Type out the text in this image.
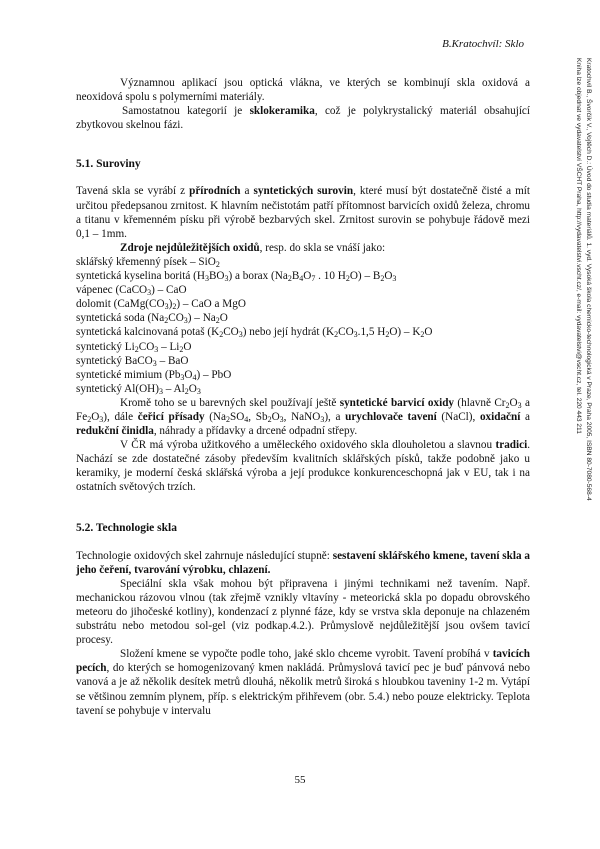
B.Kratochvíl: Sklo
Kratochvíl B., Švorčík V., Vojtěch D.: Úvod do studia materiálů. 1. vyd. Vysoká škola chemicko-technologická v Praze, Praha 2005, ISBN 80-7080-568-4
Kniha lze objednat ve vydavatelství VŠCHT Praha, http://vydavatelstvi.vscht.cz/, e-mail: vydavatelstvi@vscht.cz, tel. 220 443 211

Významnou aplikací jsou optická vlákna, ve kterých se kombinují skla oxidová a neoxidová spolu s polymerními materiály.

Samostatnou kategorií je sklokeramika, což je polykrystalický materiál obsahující zbytkovou skelnou fázi.

5.1. Suroviny

Tavená skla se vyrábí z přírodních a syntetických surovin, které musí být dostatečně čisté a mít určitou předepsanou zrnitost. K hlavním nečistotám patří přítomnost barvicích oxidů železa, chromu a titanu v křemenném písku při výrobě bezbarvých skel. Zrnitost surovin se pohybuje řádově mezi 0,1 – 1mm.

Zdroje nejdůležitějších oxidů, resp. do skla se vnáší jako:

sklářský křemenný písek – SiO$_2$
syntetická kyselina boritá $(H_3BO_3)$ a borax ($Na_2B_4O_7$ . 10 $H_2O) - B_2O_3$
vápenec (CaCO$_3$) – CaO
dolomit $(CaMg(CO_3)_2)$ – CaO a MgO
syntetická soda $(Na_2CO_3) - Na_2O$
syntetická kalcinovaná potaš $(K_2CO_3)$ nebo její hydrát ($K_2CO_3.1,5$ $H_2O) - K_2O$
syntetický $Li_2CO_3 - Li_2O$
syntetický BaCO$_3$ – BaO
syntetické mimium $(Pb_3O_4)$ – PbO
syntetický $Al(OH)_3 - Al_2O_3$

Kromě toho se u barevných skel používají ještě syntetické barvicí oxidy (hlavně $Cr_2O_3$ a $Fe_2O_3$), dále čeřicí přísady ($Na_2SO_4$, $Sb_2O_3$, NaNO$_3$), a urychlovače tavení (NaCl), oxidační a redukční činidla, náhrady a přídavky a drcené odpadní střepy.

V ČR má výroba užitkového a uměleckého oxidového skla dlouholetou a slavnou tradici. Nachází se zde dostatečné zásoby především kvalitních sklářských písků, takže podobně jako u keramiky, je moderní česká sklářská výroba a její produkce konkurenceschopná jak v EU, tak i na ostatních světových trzích.

5.2. Technologie skla

Technologie oxidových skel zahrnuje následující stupně: sestavení sklářského kmene, tavení skla a jeho čeření, tvarování výrobku, chlazení.

Speciální skla však mohou být připravena i jinými technikami než tavením. Např. mechanickou rázovou vlnou (tak zřejmě vznikly vltavíny - meteorická skla po dopadu obrovského meteoru do jihočeské kotliny), kondenzací z plynné fáze, kdy se vrstva skla deponuje na chlazeném substrátu nebo metodou sol-gel (viz podkap.4.2.). Průmyslově nejdůležitější jsou ovšem tavicí procesy.

Složení kmene se vypočte podle toho, jaké sklo chceme vyrobit. Tavení probíhá v tavicích pecích, do kterých se homogenizovaný kmen nakládá. Průmyslová tavicí pec je buď pánvová nebo vanová a je až několik desítek metrů dlouhá, několik metrů široká s hloubkou taveniny 1-2 m. Vytápí se většinou zemním plynem, příp. s elektrickým přihřevem (obr. 5.4.) nebo pouze elektricky. Teplota tavení se pohybuje v intervalu

55
